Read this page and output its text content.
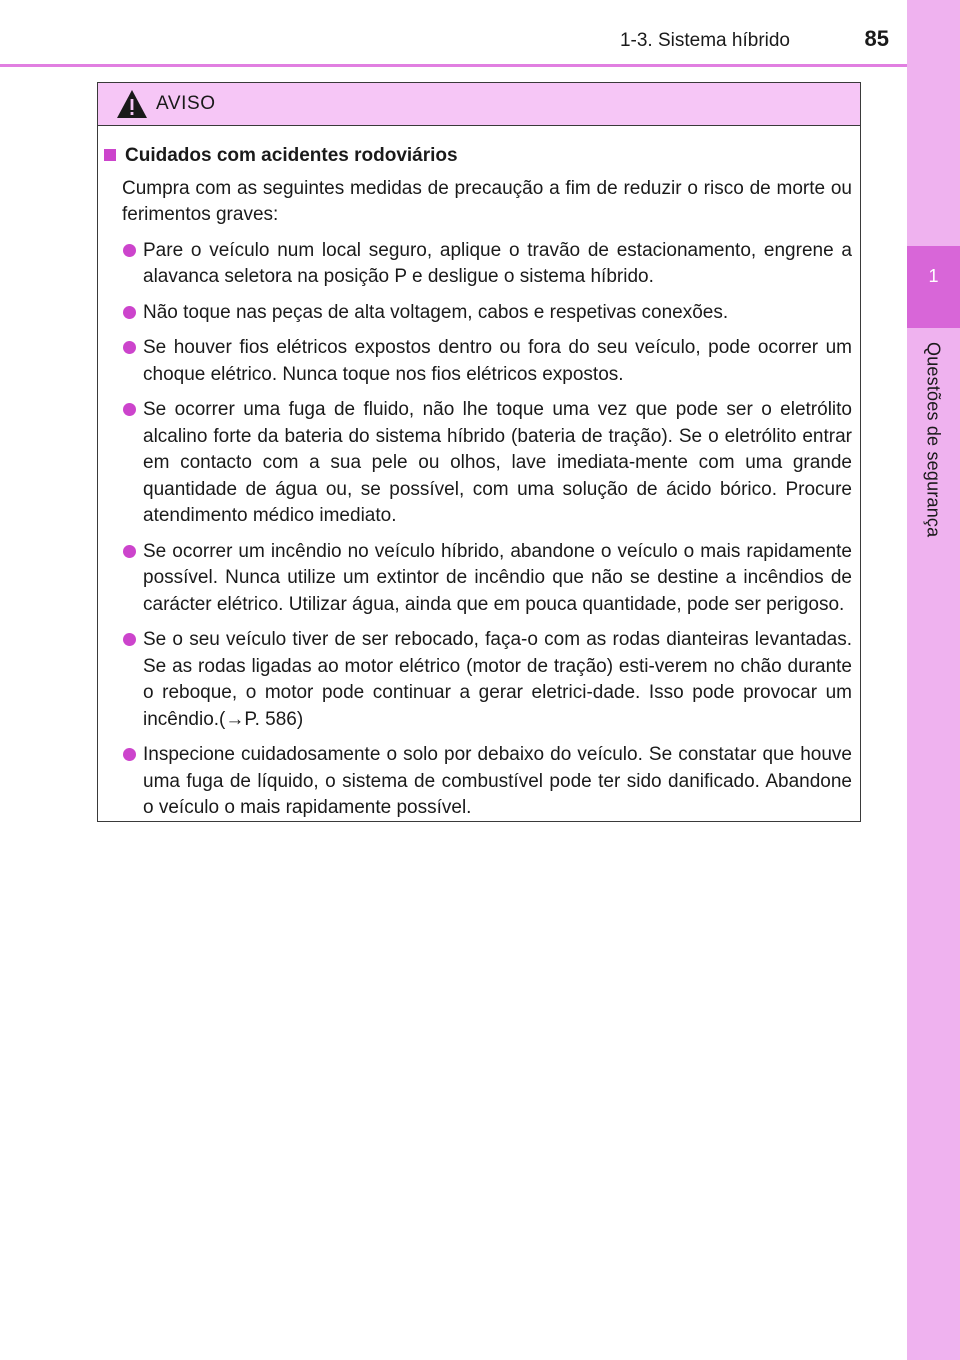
1
Questões de segurança
1-3. Sistema híbrido	85
AVISO
Cuidados com acidentes rodoviários
Cumpra com as seguintes medidas de precaução a fim de reduzir o risco de morte ou ferimentos graves:
Pare o veículo num local seguro, aplique o travão de estacionamento, engrene a alavanca seletora na posição P e desligue o sistema híbrido.
Não toque nas peças de alta voltagem, cabos e respetivas conexões.
Se houver fios elétricos expostos dentro ou fora do seu veículo, pode ocorrer um choque elétrico. Nunca toque nos fios elétricos expostos.
Se ocorrer uma fuga de fluido, não lhe toque uma vez que pode ser o eletrólito alcalino forte da bateria do sistema híbrido (bateria de tração). Se o eletrólito entrar em contacto com a sua pele ou olhos, lave imediata-mente com uma grande quantidade de água ou, se possível, com uma solução de ácido bórico. Procure atendimento médico imediato.
Se ocorrer um incêndio no veículo híbrido, abandone o veículo o mais rapidamente possível. Nunca utilize um extintor de incêndio que não se destine a incêndios de carácter elétrico. Utilizar água, ainda que em pouca quantidade, pode ser perigoso.
Se o seu veículo tiver de ser rebocado, faça-o com as rodas dianteiras levantadas. Se as rodas ligadas ao motor elétrico (motor de tração) esti-verem no chão durante o reboque, o motor pode continuar a gerar eletrici-dade. Isso pode provocar um incêndio.(→P. 586)
Inspecione cuidadosamente o solo por debaixo do veículo. Se constatar que houve uma fuga de líquido, o sistema de combustível pode ter sido danificado. Abandone o veículo o mais rapidamente possível.
